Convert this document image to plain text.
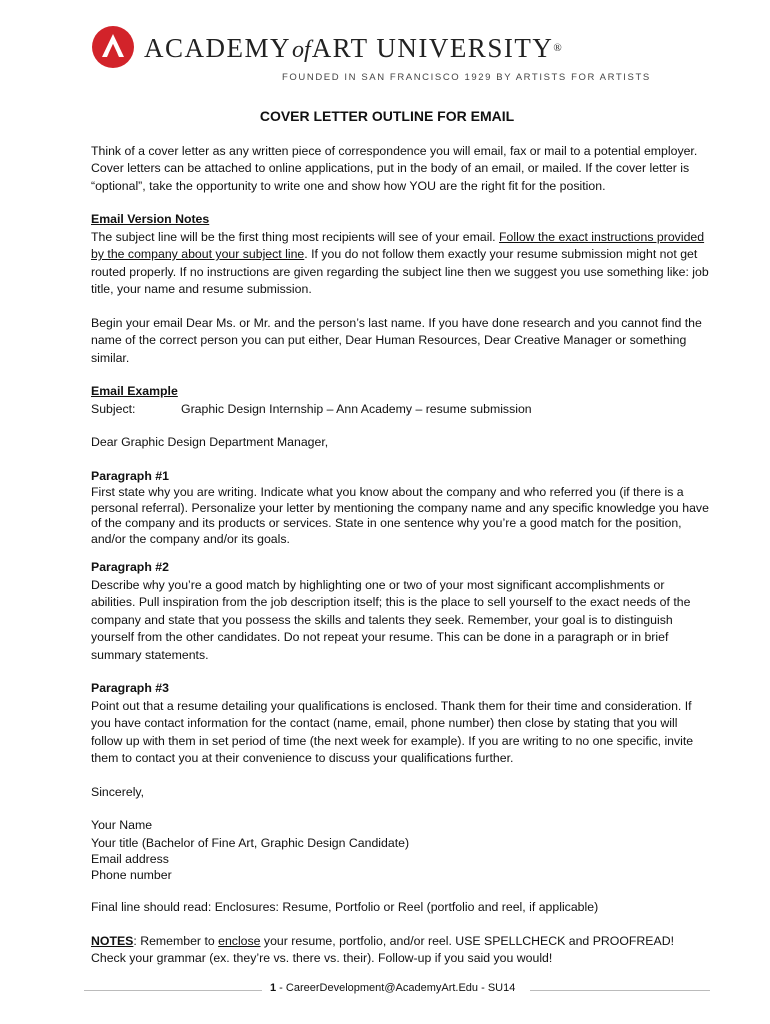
ACADEMYofART UNIVERSITY®
FOUNDED IN SAN FRANCISCO 1929 BY ARTISTS FOR ARTISTS
COVER LETTER OUTLINE FOR EMAIL

Think of a cover letter as any written piece of correspondence you will email, fax or mail to a potential employer. Cover letters can be attached to online applications, put in the body of an email, or mailed. If the cover letter is “optional”, take the opportunity to write one and show how YOU are the right fit for the position.

Email Version Notes

The subject line will be the first thing most recipients will see of your email. Follow the exact instructions provided by the company about your subject line. If you do not follow them exactly your resume submission might not get routed properly. If no instructions are given regarding the subject line then we suggest you use something like: job title, your name and resume submission.

Begin your email Dear Ms. or Mr. and the person’s last name. If you have done research and you cannot find the name of the correct person you can put either, Dear Human Resources, Dear Creative Manager or something similar.

Email Example

Subject:	Graphic Design Internship – Ann Academy – resume submission

Dear Graphic Design Department Manager,

Paragraph #1

First state why you are writing. Indicate what you know about the company and who referred you (if there is a personal referral). Personalize your letter by mentioning the company name and any specific knowledge you have of the company and its products or services. State in one sentence why you’re a good match for the position, and/or the company and/or its goals.

Paragraph #2

Describe why you’re a good match by highlighting one or two of your most significant accomplishments or abilities. Pull inspiration from the job description itself; this is the place to sell yourself to the exact needs of the company and state that you possess the skills and talents they seek. Remember, your goal is to distinguish yourself from the other candidates. Do not repeat your resume. This can be done in a paragraph or in brief summary statements.

Paragraph #3

Point out that a resume detailing your qualifications is enclosed. Thank them for their time and consideration. If you have contact information for the contact (name, email, phone number) then close by stating that you will follow up with them in set period of time (the next week for example). If you are writing to no one specific, invite them to contact you at their convenience to discuss your qualifications further.

Sincerely,

Your Name

Your title (Bachelor of Fine Art, Graphic Design Candidate)

Email address

Phone number

Final line should read: Enclosures: Resume, Portfolio or Reel (portfolio and reel, if applicable)

NOTES: Remember to enclose your resume, portfolio, and/or reel. USE SPELLCHECK and PROOFREAD!

Check your grammar (ex. they’re vs. there vs. their). Follow-up if you said you would!

1 - CareerDevelopment@AcademyArt.Edu - SU14
